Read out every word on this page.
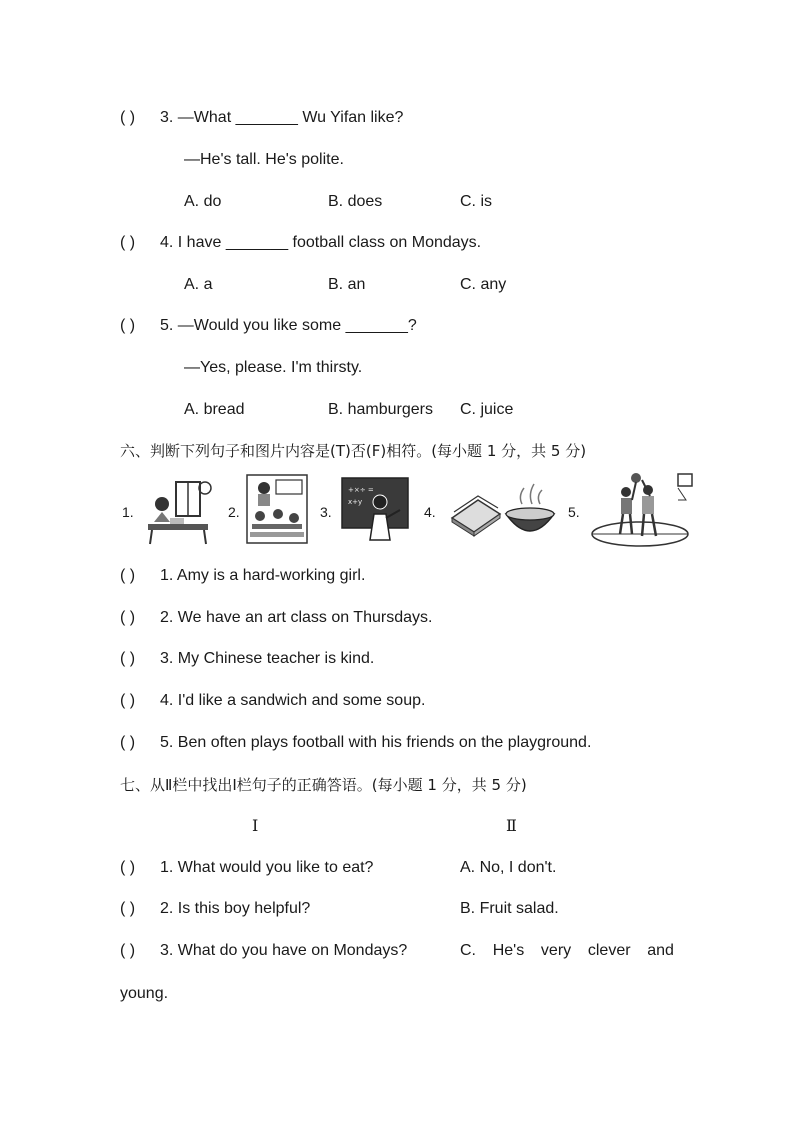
( ) 3. —What _______ Wu Yifan like?
—He's tall. He's polite.
A. do	B. does	C. is
( ) 4. I have _______ football class on Mondays.
A. a	B. an	C. any
( ) 5. —Would you like some _______?
—Yes, please. I'm thirsty.
A. bread	B. hamburgers C. juice
六、判断下列句子和图片内容是(T)否(F)相符。(每小题 1 分，共 5 分)
1.	2.	3.
+×÷ =
x+y
4.	5.
( ) 1. Amy is a hard-working girl.
( ) 2. We have an art class on Thursdays.
( ) 3. My Chinese teacher is kind.
( ) 4. I'd like a sandwich and some soup.
( ) 5. Ben often plays football with his friends on the playground.
七、从Ⅱ栏中找出Ⅰ栏句子的正确答语。(每小题 1 分，共 5 分)
Ⅰ	Ⅱ
( ) 1. What would you like to eat?	A. No, I don't.
( ) 2. Is this boy helpful?	B. Fruit salad.
( ) 3. What do you have on Mondays?	C. He's very clever and
young.
